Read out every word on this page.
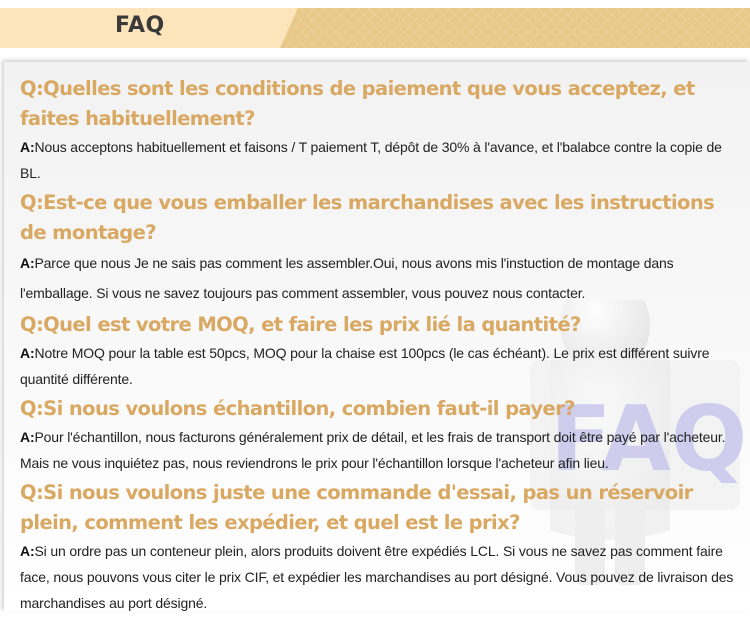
FAQ
FAQ

Q:Quelles sont les conditions de paiement que vous acceptez, et faites habituellement?

A:Nous acceptons habituellement et faisons / T paiement T, dépôt de 30% à l'avance, et l'balabce contre la copie de BL.

Q:Est-ce que vous emballer les marchandises avec les instructions de montage?

A:Parce que nous Je ne sais pas comment les assembler.Oui, nous avons mis l'instuction de montage dans l'emballage. Si vous ne savez toujours pas comment assembler, vous pouvez nous contacter.

Q:Quel est votre MOQ, et faire les prix lié la quantité?

A:Notre MOQ pour la table est 50pcs, MOQ pour la chaise est 100pcs (le cas échéant). Le prix est différent suivre quantité différente.

Q:Si nous voulons échantillon, combien faut-il payer?

A:Pour l'échantillon, nous facturons généralement prix de détail, et les frais de transport doit être payé par l'acheteur. Mais ne vous inquiétez pas, nous reviendrons le prix pour l'échantillon lorsque l'acheteur afin lieu.

Q:Si nous voulons juste une commande d'essai, pas un réservoir plein, comment les expédier, et quel est le prix?

A:Si un ordre pas un conteneur plein, alors produits doivent être expédiés LCL. Si vous ne savez pas comment faire face, nous pouvons vous citer le prix CIF, et expédier les marchandises au port désigné. Vous pouvez de livraison des marchandises au port désigné.
